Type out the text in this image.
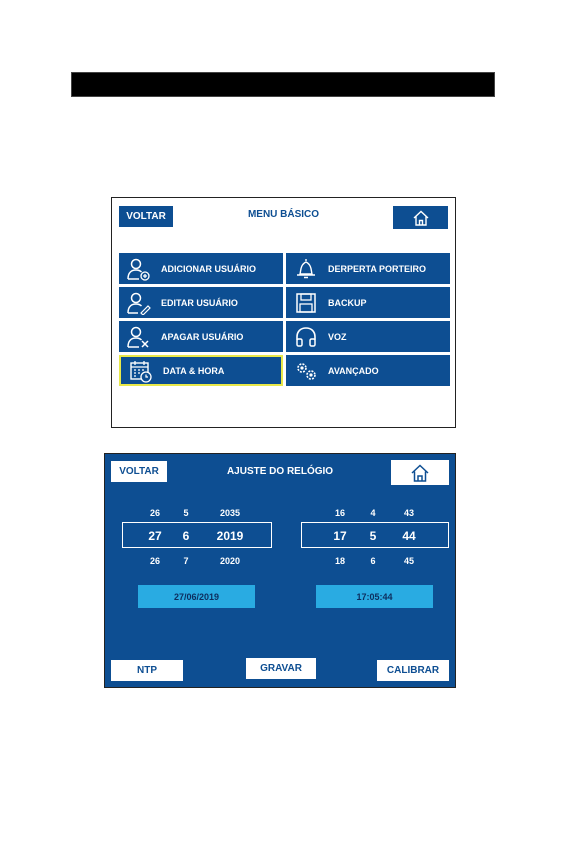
VOLTAR	MENU BÁSICO
ADICIONAR USUÁRIO	DERPERTA PORTEIRO
EDITAR USUÁRIO	BACKUP
APAGAR USUÁRIO	VOZ
DATA & HORA	AVANÇADO
VOLTAR	AJUSTE DO RELÓGIO
26	5	2035
27	6	2019
26	7	2020
16	4	43
17	5	44
18	6	45
27/06/2019	17:05:44
NTP	GRAVAR	CALIBRAR
